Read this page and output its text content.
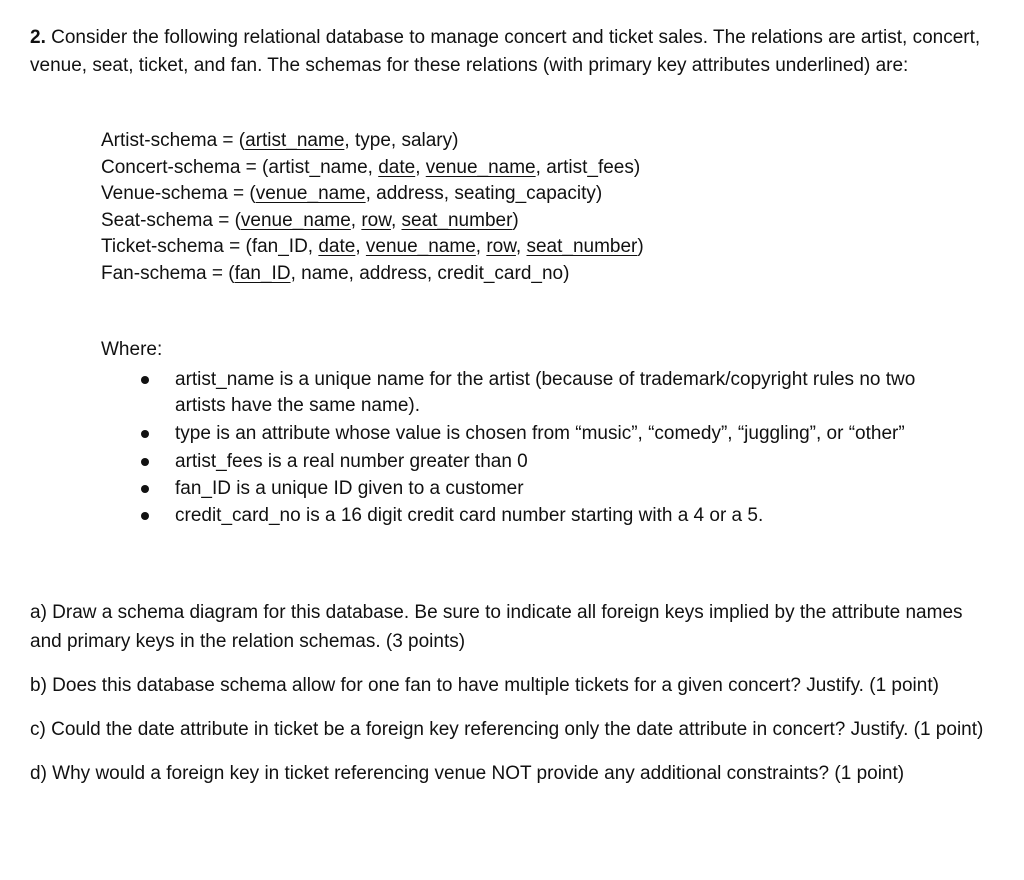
2. Consider the following relational database to manage concert and ticket sales. The relations are artist, concert, venue, seat, ticket, and fan. The schemas for these relations (with primary key attributes underlined) are:
Artist-schema = (artist_name, type, salary)
Concert-schema = (artist_name, date, venue_name, artist_fees)
Venue-schema = (venue_name, address, seating_capacity)
Seat-schema = (venue_name, row, seat_number)
Ticket-schema = (fan_ID, date, venue_name, row, seat_number)
Fan-schema = (fan_ID, name, address, credit_card_no)
Where:
artist_name is a unique name for the artist (because of trademark/copyright rules no two artists have the same name).
type is an attribute whose value is chosen from “music”, “comedy”, “juggling”, or “other”
artist_fees is a real number greater than 0
fan_ID is a unique ID given to a customer
credit_card_no is a 16 digit credit card number starting with a 4 or a 5.

a) Draw a schema diagram for this database. Be sure to indicate all foreign keys implied by the attribute names and primary keys in the relation schemas. (3 points)

b) Does this database schema allow for one fan to have multiple tickets for a given concert? Justify. (1 point)

c) Could the date attribute in ticket be a foreign key referencing only the date attribute in concert? Justify. (1 point)

d) Why would a foreign key in ticket referencing venue NOT provide any additional constraints? (1 point)
